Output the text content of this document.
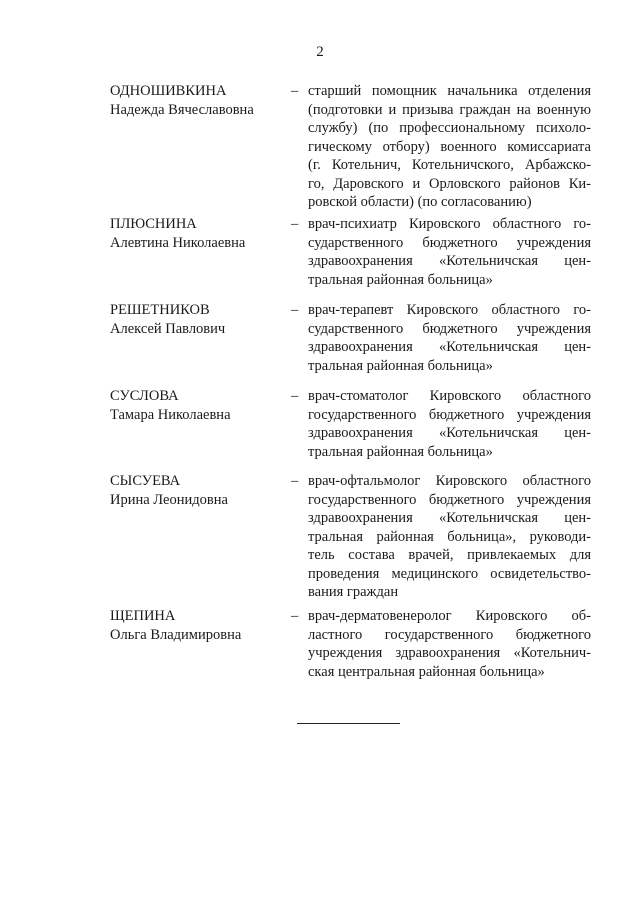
2
ОДНОШИВКИНА
Надежда Вячеславовна
– старший помощник начальника отделения
(подготовки и призыва граждан на военную
службу) (по профессиональному психоло-
гическому отбору) военного комиссариата
(г. Котельнич, Котельничского, Арбажско-
го, Даровского и Орловского районов Ки-
ровской области) (по согласованию)
ПЛЮСНИНА
Алевтина Николаевна
– врач-психиатр Кировского областного го-
сударственного бюджетного учреждения
здравоохранения «Котельничская цен-
тральная районная больница»
РЕШЕТНИКОВ
Алексей Павлович
– врач-терапевт Кировского областного го-
сударственного бюджетного учреждения
здравоохранения «Котельничская цен-
тральная районная больница»
СУСЛОВА
Тамара Николаевна
– врач-стоматолог Кировского областного
государственного бюджетного учреждения
здравоохранения «Котельничская цен-
тральная районная больница»
СЫСУЕВА
Ирина Леонидовна
– врач-офтальмолог Кировского областного
государственного бюджетного учреждения
здравоохранения «Котельничская цен-
тральная районная больница», руководи-
тель состава врачей, привлекаемых для
проведения медицинского освидетельство-
вания граждан
ЩЕПИНА
Ольга Владимировна
– врач-дерматовенеролог Кировского об-
ластного государственного бюджетного
учреждения здравоохранения «Котельнич-
ская центральная районная больница»
